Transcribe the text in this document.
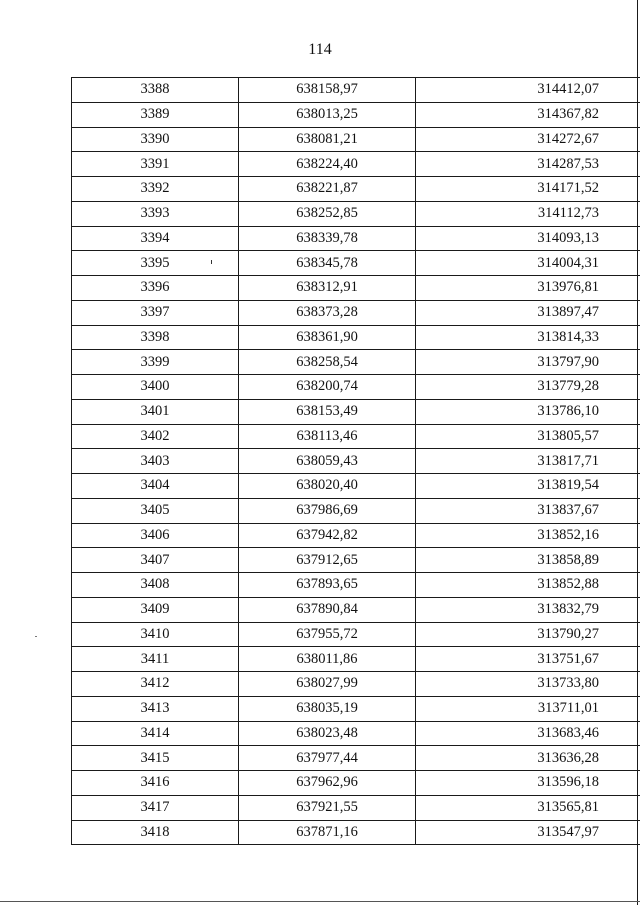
114
3388	638158,97	314412,07
3389	638013,25	314367,82
3390	638081,21	314272,67
3391	638224,40	314287,53
3392	638221,87	314171,52
3393	638252,85	314112,73
3394	638339,78	314093,13
3395	638345,78	314004,31
3396	638312,91	313976,81
3397	638373,28	313897,47
3398	638361,90	313814,33
3399	638258,54	313797,90
3400	638200,74	313779,28
3401	638153,49	313786,10
3402	638113,46	313805,57
3403	638059,43	313817,71
3404	638020,40	313819,54
3405	637986,69	313837,67
3406	637942,82	313852,16
3407	637912,65	313858,89
3408	637893,65	313852,88
3409	637890,84	313832,79
3410	637955,72	313790,27
3411	638011,86	313751,67
3412	638027,99	313733,80
3413	638035,19	313711,01
3414	638023,48	313683,46
3415	637977,44	313636,28
3416	637962,96	313596,18
3417	637921,55	313565,81
3418	637871,16	313547,97
